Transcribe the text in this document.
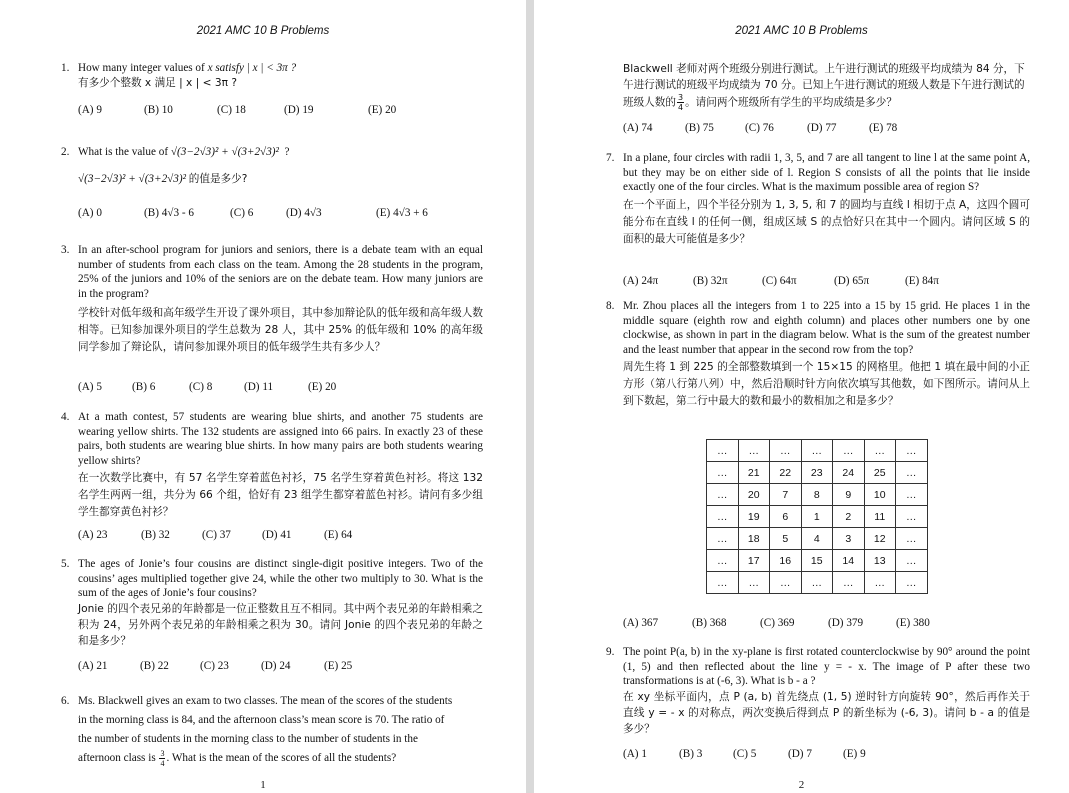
2021 AMC 10 B Problems
1. How many integer values of x satisfy | x | < 3π ?
有多少个整数 x 满足 | x | < 3π ?
(A) 9	(B) 10	(C) 18	(D) 19	(E) 20
2. What is the value of √(3−2√3)² + √(3+2√3)² ?
√(3−2√3)² + √(3+2√3)² 的值是多少?
(A) 0	(B) 4√3 - 6	(C) 6	(D) 4√3	(E) 4√3 + 6
3. In an after-school program for juniors and seniors, there is a debate team with an equal number of students from each class on the team. Among the 28 students in the program, 25% of the juniors and 10% of the seniors are on the debate team. How many juniors are in the program?
学校针对低年级和高年级学生开设了课外项目，其中参加辩论队的低年级和高年级人数相等。已知参加课外项目的学生总数为 28 人，其中 25% 的低年级和 10% 的高年级同学参加了辩论队，请问参加课外项目的低年级学生共有多少人？
(A) 5	(B) 6	(C) 8	(D) 11	(E) 20
4. At a math contest, 57 students are wearing blue shirts, and another 75 students are wearing yellow shirts. The 132 students are assigned into 66 pairs. In exactly 23 of these pairs, both students are wearing blue shirts. In how many pairs are both students wearing yellow shirts?
在一次数学比赛中，有 57 名学生穿着蓝色衬衫，75 名学生穿着黄色衬衫。将这 132 名学生两两一组，共分为 66 个组，恰好有 23 组学生都穿着蓝色衬衫。请问有多少组学生都穿黄色衬衫？
(A) 23	(B) 32	(C) 37	(D) 41	(E) 64
5. The ages of Jonie’s four cousins are distinct single-digit positive integers. Two of the cousins’ ages multiplied together give 24, while the other two multiply to 30. What is the sum of the ages of Jonie’s four cousins?
Jonie 的四个表兄弟的年龄都是一位正整数且互不相同。其中两个表兄弟的年龄相乘之积为 24，另外两个表兄弟的年龄相乘之积为 30。请问 Jonie 的四个表兄弟的年龄之和是多少？
(A) 21	(B) 22	(C) 23	(D) 24	(E) 25
6. Ms. Blackwell gives an exam to two classes. The mean of the scores of the students
in the morning class is 84, and the afternoon class’s mean score is 70. The ratio of
the number of students in the morning class to the number of students in the
afternoon class is $\frac{3}{4}$. What is the mean of the scores of all the students?
1
2021 AMC 10 B Problems
Blackwell 老师对两个班级分别进行测试。上午进行测试的班级平均成绩为 84 分，下午进行测试的班级平均成绩为 70 分。已知上午进行测试的班级人数是下午进行测试的班级人数的 $\frac{3}{4}$。请问两个班级所有学生的平均成绩是多少？
(A) 74	(B) 75	(C) 76	(D) 77	(E) 78
7. In a plane, four circles with radii 1, 3, 5, and 7 are all tangent to line l at the same point A, but they may be on either side of l. Region S consists of all the points that lie inside exactly one of the four circles. What is the maximum possible area of region S?
在一个平面上，四个半径分别为 1, 3, 5, 和 7 的圆均与直线 l 相切于点 A，这四个圆可能分布在直线 l 的任何一侧，组成区域 S 的点恰好只在其中一个圆内。请问区域 S 的面积的最大可能值是多少？
(A) 24π	(B) 32π	(C) 64π	(D) 65π	(E) 84π
8. Mr. Zhou places all the integers from 1 to 225 into a 15 by 15 grid. He places 1 in the middle square (eighth row and eighth column) and places other numbers one by one clockwise, as shown in part in the diagram below. What is the sum of the greatest number and the least number that appear in the second row from the top?
周先生将 1 到 225 的全部整数填到一个 15×15 的网格里。他把 1 填在最中间的小正方形（第八行第八列）中，然后沿顺时针方向依次填写其他数，如下图所示。请问从上到下数起，第二行中最大的数和最小的数相加之和是多少？
…	…	…	…	…	…	…
…	21	22	23	24	25	…
…	20	7	8	9	10	…
…	19	6	1	2	11	…
…	18	5	4	3	12	…
…	17	16	15	14	13	…
…	…	…	…	…	…	…
(A) 367	(B) 368	(C) 369	(D) 379	(E) 380
9. The point P(a, b) in the xy-plane is first rotated counterclockwise by 90° around the point (1, 5) and then reflected about the line y = - x. The image of P after these two transformations is at (-6, 3). What is b - a ?
在 xy 坐标平面内，点 P (a, b) 首先绕点 (1, 5) 逆时针方向旋转 90°，然后再作关于直线 y = - x 的对称点，两次变换后得到点 P 的新坐标为 (-6, 3)。请问 b - a 的值是多少？
(A) 1	(B) 3	(C) 5	(D) 7	(E) 9
2
